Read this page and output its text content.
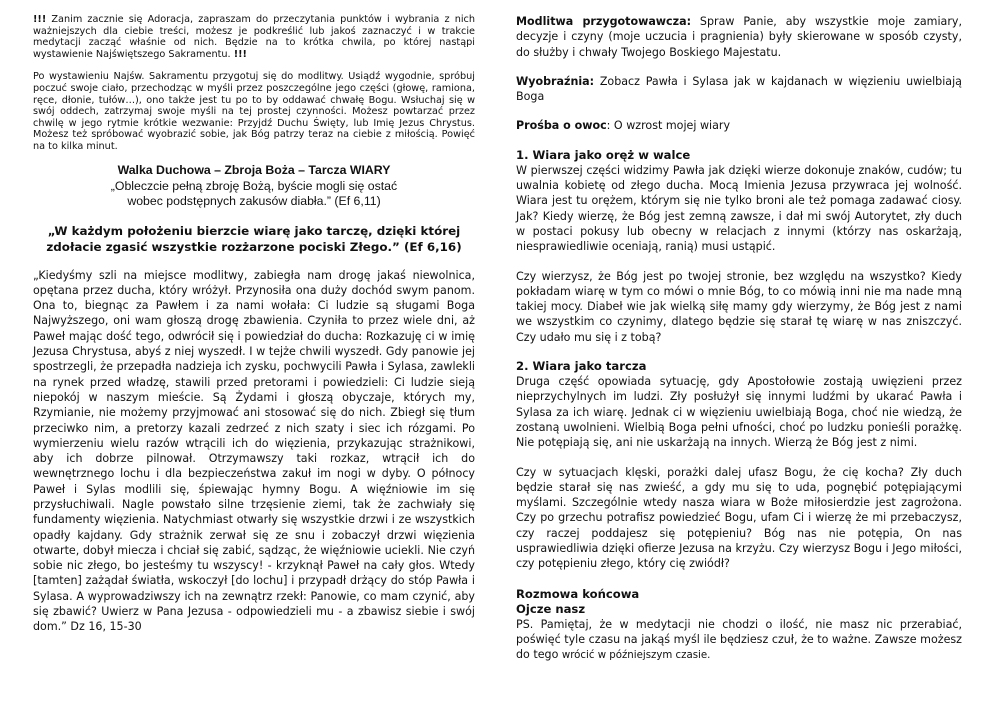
!!! Zanim zacznie się Adoracja, zapraszam do przeczytania punktów i wybrania z nich ważniejszych dla ciebie treści, możesz je podkreślić lub jakoś zaznaczyć i w trakcie medytacji zacząć właśnie od nich. Będzie na to krótka chwila, po której nastąpi wystawienie Najświętszego Sakramentu. !!!

Po wystawieniu Najśw. Sakramentu przygotuj się do modlitwy. Usiądź wygodnie, spróbuj poczuć swoje ciało, przechodząc w myśli przez poszczególne jego części (głowę, ramiona, ręce, dłonie, tułów…), ono także jest tu po to by oddawać chwałę Bogu. Wsłuchaj się w swój oddech, zatrzymaj swoje myśli na tej prostej czynności. Możesz powtarzać przez chwilę w jego rytmie krótkie wezwanie: Przyjdź Duchu Święty, lub Imię Jezus Chrystus. Możesz też spróbować wyobrazić sobie, jak Bóg patrzy teraz na ciebie z miłością. Powięć na to kilka minut.

Walka Duchowa – Zbroja Boża – Tarcza WIARY

„Obleczcie pełną zbroję Bożą, byście mogli się ostać

wobec podstępnych zakusów diabła.” (Ef 6,11)

„W każdym położeniu bierzcie wiarę jako tarczę, dzięki której zdołacie zgasić wszystkie rozżarzone pociski Złego.” (Ef 6,16)

„Kiedyśmy szli na miejsce modlitwy, zabiegła nam drogę jakaś niewolnica, opętana przez ducha, który wróżył. Przynosiła ona duży dochód swym panom. Ona to, biegnąc za Pawłem i za nami wołała: Ci ludzie są sługami Boga Najwyższego, oni wam głoszą drogę zbawienia. Czyniła to przez wiele dni, aż Paweł mając dość tego, odwrócił się i powiedział do ducha: Rozkazuję ci w imię Jezusa Chrystusa, abyś z niej wyszedł. I w tejże chwili wyszedł. Gdy panowie jej spostrzegli, że przepadła nadzieja ich zysku, pochwycili Pawła i Sylasa, zawlekli na rynek przed władzę, stawili przed pretorami i powiedzieli: Ci ludzie sieją niepokój w naszym mieście. Są Żydami i głoszą obyczaje, których my, Rzymianie, nie możemy przyjmować ani stosować się do nich. Zbiegł się tłum przeciwko nim, a pretorzy kazali zedrzeć z nich szaty i siec ich rózgami. Po wymierzeniu wielu razów wtrącili ich do więzienia, przykazując strażnikowi, aby ich dobrze pilnował. Otrzymawszy taki rozkaz, wtrącił ich do wewnętrznego lochu i dla bezpieczeństwa zakuł im nogi w dyby. O północy Paweł i Sylas modlili się, śpiewając hymny Bogu. A więźniowie im się przysłuchiwali. Nagle powstało silne trzęsienie ziemi, tak że zachwiały się fundamenty więzienia. Natychmiast otwarły się wszystkie drzwi i ze wszystkich opadły kajdany. Gdy strażnik zerwał się ze snu i zobaczył drzwi więzienia otwarte, dobył miecza i chciał się zabić, sądząc, że więźniowie uciekli. Nie czyń sobie nic złego, bo jesteśmy tu wszyscy! - krzyknął Paweł na cały głos. Wtedy [tamten] zażądał światła, wskoczył [do lochu] i przypadł drżący do stóp Pawła i Sylasa. A wyprowadziwszy ich na zewnątrz rzekł: Panowie, co mam czynić, aby się zbawić? Uwierz w Pana Jezusa - odpowiedzieli mu - a zbawisz siebie i swój dom.” Dz 16, 15-30

Modlitwa przygotowawcza: Spraw Panie, aby wszystkie moje zamiary, decyzje i czyny (moje uczucia i pragnienia) były skierowane w sposób czysty, do służby i chwały Twojego Boskiego Majestatu.

Wyobraźnia: Zobacz Pawła i Sylasa jak w kajdanach w więzieniu uwielbiają Boga

Prośba o owoc: O wzrost mojej wiary

1. Wiara jako oręż w walce

W pierwszej części widzimy Pawła jak dzięki wierze dokonuje znaków, cudów; tu uwalnia kobietę od złego ducha. Mocą Imienia Jezusa przywraca jej wolność. Wiara jest tu orężem, którym się nie tylko broni ale też pomaga zadawać ciosy. Jak? Kiedy wierzę, że Bóg jest zemną zawsze, i dał mi swój Autorytet, zły duch w postaci pokusy lub obecny w relacjach z innymi (którzy nas oskarżają, niesprawiedliwie oceniają, ranią) musi ustąpić.

Czy wierzysz, że Bóg jest po twojej stronie, bez względu na wszystko? Kiedy pokładam wiarę w tym co mówi o mnie Bóg, to co mówią inni nie ma nade mną takiej mocy. Diabeł wie jak wielką siłę mamy gdy wierzymy, że Bóg jest z nami we wszystkim co czynimy, dlatego będzie się starał tę wiarę w nas zniszczyć. Czy udało mu się i z tobą?

2. Wiara jako tarcza

Druga część opowiada sytuację, gdy Apostołowie zostają uwięzieni przez nieprzychylnych im ludzi. Zły posłużył się innymi ludźmi by ukarać Pawła i Sylasa za ich wiarę. Jednak ci w więzieniu uwielbiają Boga, choć nie wiedzą, że zostaną uwolnieni. Wielbią Boga pełni ufności, choć po ludzku ponieśli porażkę. Nie potępiają się, ani nie uskarżają na innych. Wierzą że Bóg jest z nimi.

Czy w sytuacjach klęski, porażki dalej ufasz Bogu, że cię kocha? Zły duch będzie starał się nas zwieść, a gdy mu się to uda, pognębić potępiającymi myślami. Szczególnie wtedy nasza wiara w Boże miłosierdzie jest zagrożona. Czy po grzechu potrafisz powiedzieć Bogu, ufam Ci i wierzę że mi przebaczysz, czy raczej poddajesz się potępieniu? Bóg nas nie potępia, On nas usprawiedliwia dzięki ofierze Jezusa na krzyżu. Czy wierzysz Bogu i Jego miłości, czy potępieniu złego, który cię zwiódł?

Rozmowa końcowa

Ojcze nasz

PS. Pamiętaj, że w medytacji nie chodzi o ilość, nie masz nic przerabiać, poświęć tyle czasu na jakąś myśl ile będziesz czuł, że to ważne. Zawsze możesz do tego wrócić w późniejszym czasie.
